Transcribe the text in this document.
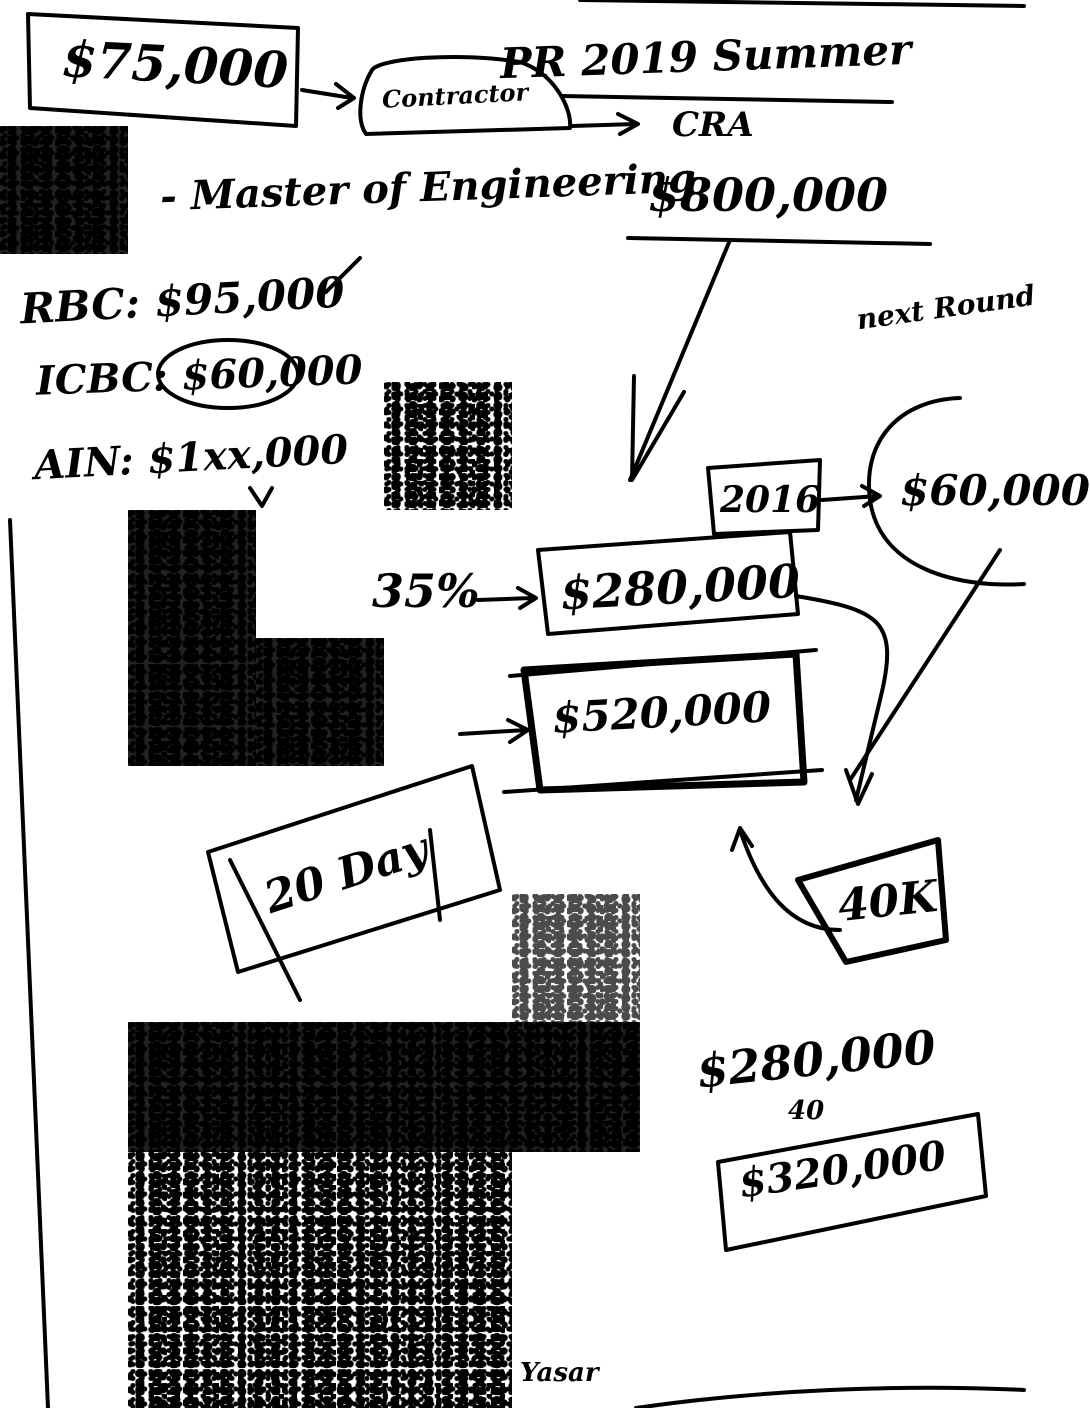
$75,000	Contractor
PR 2019 Summer
CRA
- Master of Engineering
$800,000
RBC: $95,000
ICBC: $60,000
AIN: $1xx,000
next Round
2016 $60,000
35% $280,000
$520,000
20 Day	40K
$280,000
40
$320,000
Yasar
